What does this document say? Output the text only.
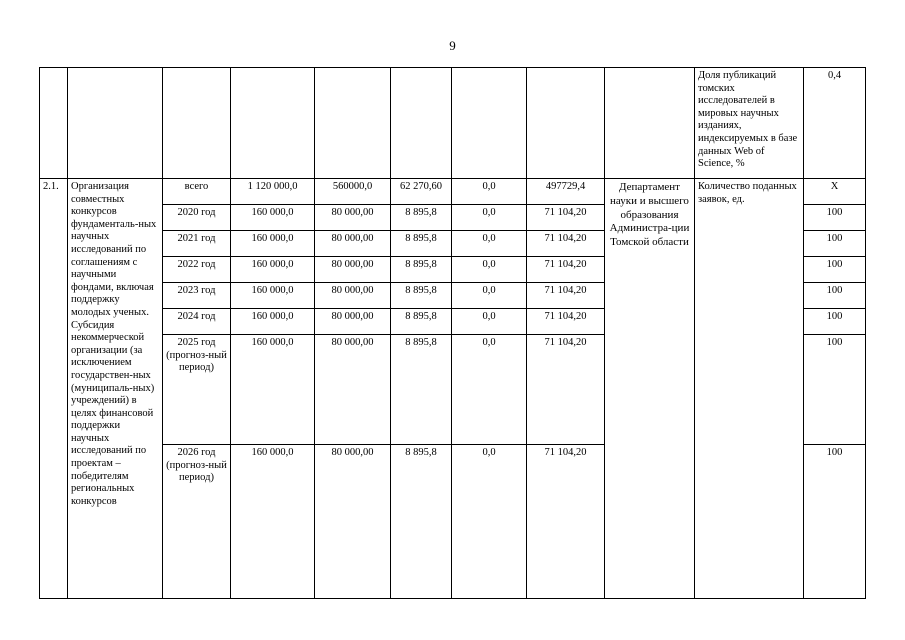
9
									Доля публикаций томских исследователей в мировых научных изданиях, индексируемых в базе данных Web of Science, %	0,4
2.1.	Организация совместных конкурсов фундаменталь-ных научных исследований по соглашениям с научными фондами, включая поддержку молодых ученых. Субсидия некоммерческой организации (за исключением государствен-ных (муниципаль-ных) учреждений) в целях финансовой поддержки научных исследований по проектам – победителям региональных конкурсов	всего	1 120 000,0	560000,0	62 270,60	0,0	497729,4	Департамент науки и высшего образования Администра-ции Томской области	Количество поданных заявок, ед.	Х
		2020 год	160 000,0	80 000,00	8 895,8	0,0	71 104,20			100
		2021 год	160 000,0	80 000,00	8 895,8	0,0	71 104,20			100
		2022 год	160 000,0	80 000,00	8 895,8	0,0	71 104,20			100
		2023 год	160 000,0	80 000,00	8 895,8	0,0	71 104,20			100
		2024 год	160 000,0	80 000,00	8 895,8	0,0	71 104,20			100
		2025 год (прогноз-ный период)	160 000,0	80 000,00	8 895,8	0,0	71 104,20			100
		2026 год (прогноз-ный период)	160 000,0	80 000,00	8 895,8	0,0	71 104,20			100
